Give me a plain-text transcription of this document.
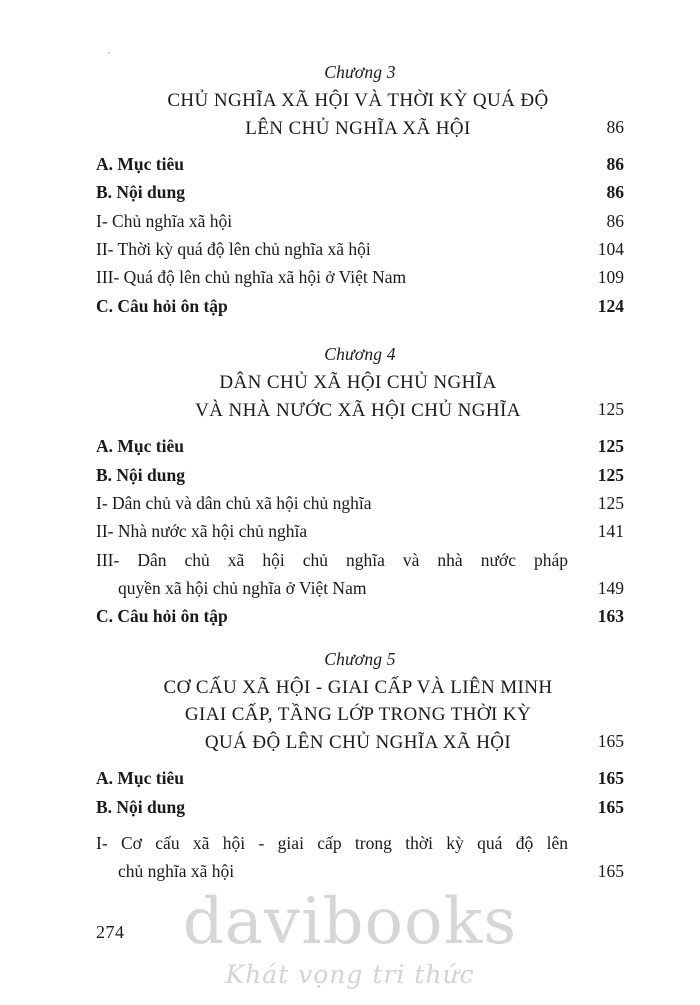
Chương 3
CHỦ NGHĨA XÃ HỘI VÀ THỜI KỲ QUÁ ĐỘ
LÊN CHỦ NGHĨA XÃ HỘI	86
A. Mục tiêu	86
B. Nội dung	86
I- Chủ nghĩa xã hội	86
II- Thời kỳ quá độ lên chủ nghĩa xã hội	104
III- Quá độ lên chủ nghĩa xã hội ở Việt Nam	109
C. Câu hỏi ôn tập	124
Chương 4
DÂN CHỦ XÃ HỘI CHỦ NGHĨA
VÀ NHÀ NƯỚC XÃ HỘI CHỦ NGHĨA	125
A. Mục tiêu	125
B. Nội dung	125
I- Dân chủ và dân chủ xã hội chủ nghĩa	125
II- Nhà nước xã hội chủ nghĩa	141
III- Dân chủ xã hội chủ nghĩa và nhà nước pháp
quyền xã hội chủ nghĩa ở Việt Nam	149
C. Câu hỏi ôn tập	163
Chương 5
CƠ CẤU XÃ HỘI - GIAI CẤP VÀ LIÊN MINH
GIAI CẤP, TẦNG LỚP TRONG THỜI KỲ
QUÁ ĐỘ LÊN CHỦ NGHĨA XÃ HỘI	165
A. Mục tiêu	165
B. Nội dung	165
I- Cơ cấu xã hội - giai cấp trong thời kỳ quá độ lên
chủ nghĩa xã hội	165
274 davibooks
Khát vọng tri thức
